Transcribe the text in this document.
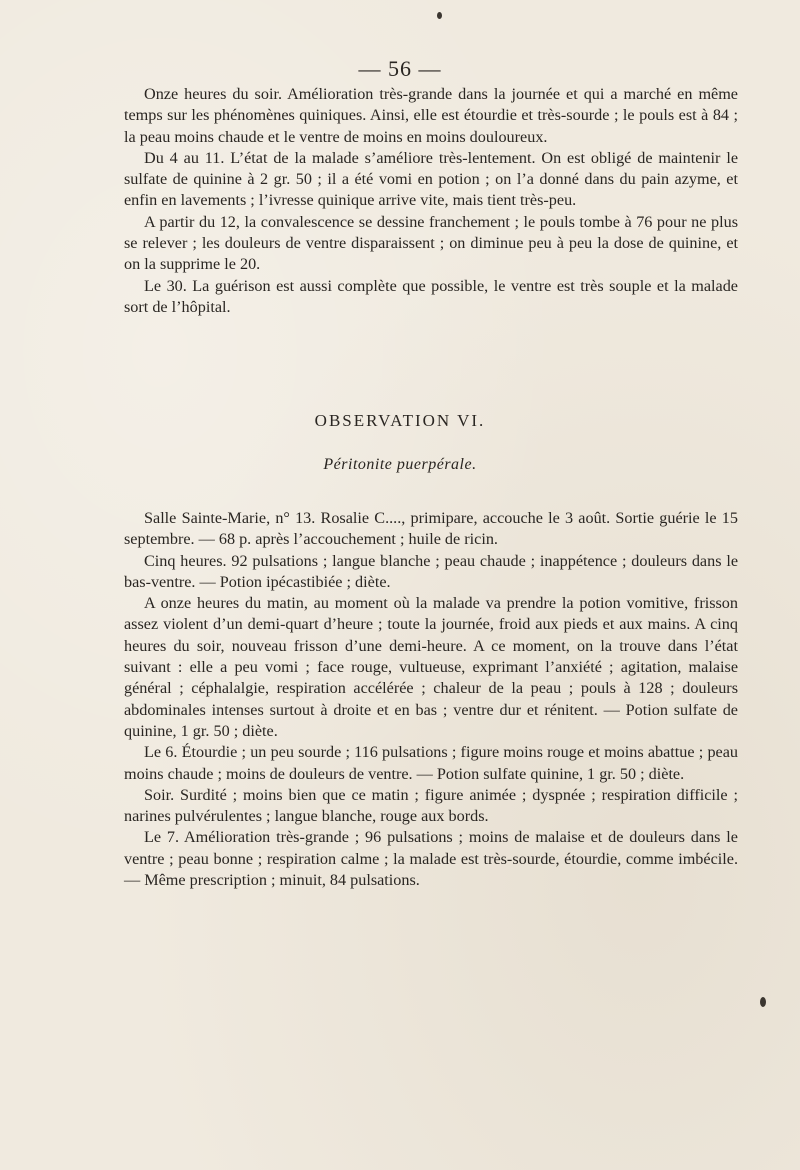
— 56 —

Onze heures du soir. Amélioration très-grande dans la journée et qui a marché en même temps sur les phénomènes quiniques. Ainsi, elle est étourdie et très-sourde ; le pouls est à 84 ; la peau moins chaude et le ventre de moins en moins douloureux.

Du 4 au 11. L’état de la malade s’améliore très-lentement. On est obligé de maintenir le sulfate de quinine à 2 gr. 50 ; il a été vomi en potion ; on l’a donné dans du pain azyme, et enfin en lavements ; l’ivresse quinique arrive vite, mais tient très-peu.

A partir du 12, la convalescence se dessine franchement ; le pouls tombe à 76 pour ne plus se relever ; les douleurs de ventre disparaissent ; on diminue peu à peu la dose de quinine, et on la supprime le 20.

Le 30. La guérison est aussi complète que possible, le ventre est très souple et la malade sort de l’hôpital.

OBSERVATION VI.
Péritonite puerpérale.

Salle Sainte-Marie, n° 13. Rosalie C...., primipare, accouche le 3 août. Sortie guérie le 15 septembre. — 68 p. après l’accouchement ; huile de ricin.

Cinq heures. 92 pulsations ; langue blanche ; peau chaude ; inappétence ; douleurs dans le bas-ventre. — Potion ipécastibiée ; diète.

A onze heures du matin, au moment où la malade va prendre la potion vomitive, frisson assez violent d’un demi-quart d’heure ; toute la journée, froid aux pieds et aux mains. A cinq heures du soir, nouveau frisson d’une demi-heure. A ce moment, on la trouve dans l’état suivant : elle a peu vomi ; face rouge, vultueuse, exprimant l’anxiété ; agitation, malaise général ; céphalalgie, respiration accélérée ; chaleur de la peau ; pouls à 128 ; douleurs abdominales intenses surtout à droite et en bas ; ventre dur et rénitent. — Potion sulfate de quinine, 1 gr. 50 ; diète.

Le 6. Étourdie ; un peu sourde ; 116 pulsations ; figure moins rouge et moins abattue ; peau moins chaude ; moins de douleurs de ventre. — Potion sulfate quinine, 1 gr. 50 ; diète.

Soir. Surdité ; moins bien que ce matin ; figure animée ; dyspnée ; respiration difficile ; narines pulvérulentes ; langue blanche, rouge aux bords.

Le 7. Amélioration très-grande ; 96 pulsations ; moins de malaise et de douleurs dans le ventre ; peau bonne ; respiration calme ; la malade est très-sourde, étourdie, comme imbécile. — Même prescription ; minuit, 84 pulsations.
